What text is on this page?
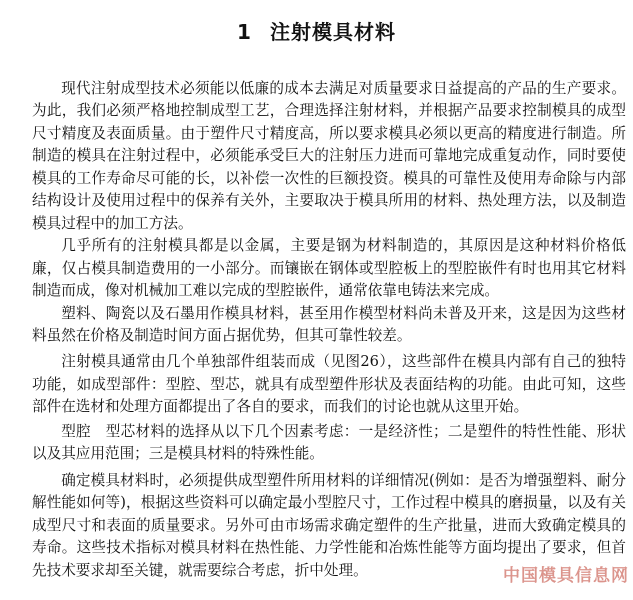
1 注射模具材料

现代注射成型技术必须能以低廉的成本去满足对质量要求日益提高的产品的生产要求。为此，我们必须严格地控制成型工艺，合理选择注射材料，并根据产品要求控制模具的成型尺寸精度及表面质量。由于塑件尺寸精度高，所以要求模具必须以更高的精度进行制造。所制造的模具在注射过程中，必须能承受巨大的注射压力进而可靠地完成重复动作，同时要使模具的工作寿命尽可能的长，以补偿一次性的巨额投资。模具的可靠性及使用寿命除与内部结构设计及使用过程中的保养有关外，主要取决于模具所用的材料、热处理方法，以及制造模具过程中的加工方法。

几乎所有的注射模具都是以金属，主要是钢为材料制造的，其原因是这种材料价格低廉，仅占模具制造费用的一小部分。而镶嵌在钢体或型腔板上的型腔嵌件有时也用其它材料制造而成，像对机械加工难以完成的型腔嵌件，通常依靠电铸法来完成。

塑料、陶瓷以及石墨用作模具材料，甚至用作模型材料尚未普及开来，这是因为这些材料虽然在价格及制造时间方面占据优势，但其可靠性较差。

注射模具通常由几个单独部件组装而成（见图26），这些部件在模具内部有自己的独特功能，如成型部件：型腔、型芯，就具有成型塑件形状及表面结构的功能。由此可知，这些部件在选材和处理方面都提出了各自的要求，而我们的讨论也就从这里开始。

型腔　型芯材料的选择从以下几个因素考虑：一是经济性；二是塑件的特性性能、形状以及其应用范围；三是模具材料的特殊性能。

确定模具材料时，必须提供成型塑件所用材料的详细情况(例如：是否为增强塑料、耐分解性能如何等)，根据这些资料可以确定最小型腔尺寸，工作过程中模具的磨损量，以及有关成型尺寸和表面的质量要求。另外可由市场需求确定塑件的生产批量，进而大致确定模具的寿命。这些技术指标对模具材料在热性能、力学性能和冶炼性能等方面均提出了要求，但首先技术要求却至关键，就需要综合考虑，折中处理。	中国模具信息网
